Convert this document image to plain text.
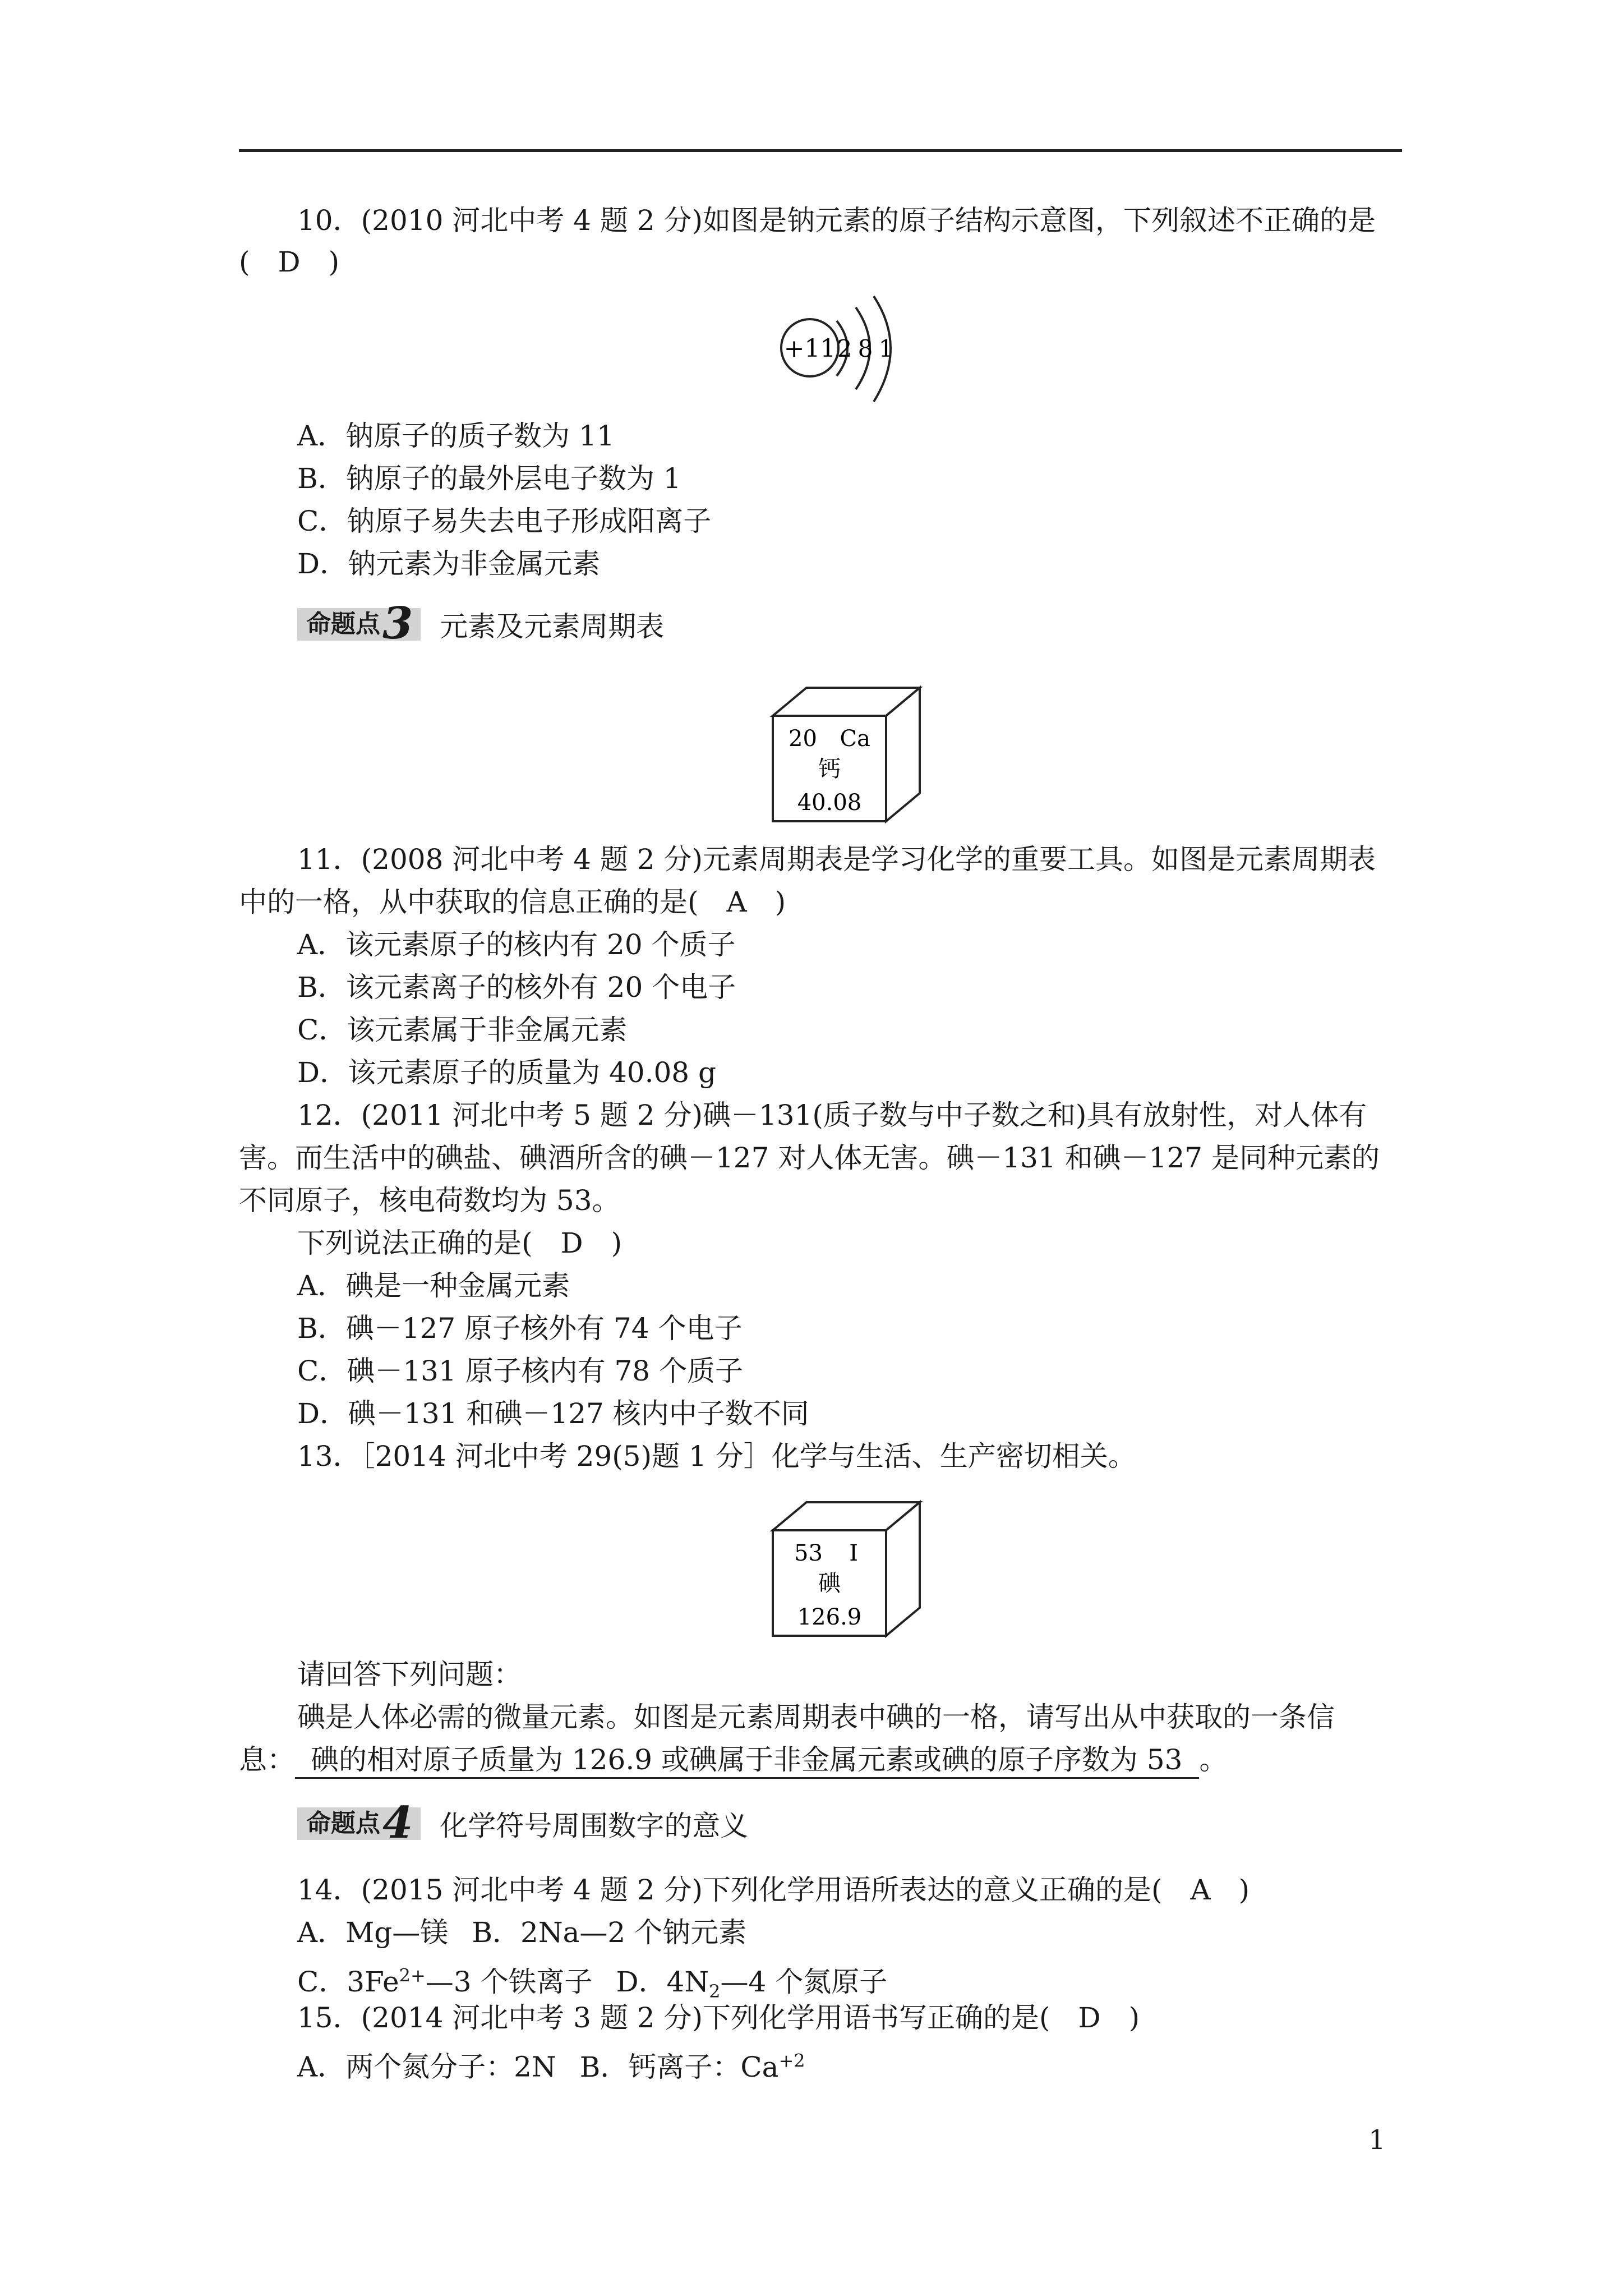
10．(2010 河北中考 4 题 2 分)如图是钠元素的原子结构示意图，下列叙述不正确的是
(　D　)
+11 2 8 1
A．钠原子的质子数为 11
B．钠原子的最外层电子数为 1
C．钠原子易失去电子形成阳离子
D．钠元素为非金属元素
命题点 3 元素及元素周期表
20 Ca
钙
40.08
11．(2008 河北中考 4 题 2 分)元素周期表是学习化学的重要工具。如图是元素周期表
中的一格，从中获取的信息正确的是(　A　)
A．该元素原子的核内有 20 个质子
B．该元素离子的核外有 20 个电子
C．该元素属于非金属元素
D．该元素原子的质量为 40.08 g
12．(2011 河北中考 5 题 2 分)碘－131(质子数与中子数之和)具有放射性，对人体有
害。而生活中的碘盐、碘酒所含的碘－127 对人体无害。碘－131 和碘－127 是同种元素的
不同原子，核电荷数均为 53。
下列说法正确的是(　D　)
A．碘是一种金属元素
B．碘－127 原子核外有 74 个电子
C．碘－131 原子核内有 78 个质子
D．碘－131 和碘－127 核内中子数不同
13．［2014 河北中考 29(5)题 1 分］化学与生活、生产密切相关。
53 I
碘
126.9
请回答下列问题：
碘是人体必需的微量元素。如图是元素周期表中碘的一格，请写出从中获取的一条信
息： 碘的相对原子质量为 126.9 或碘属于非金属元素或碘的原子序数为 53 。
命题点 4 化学符号周围数字的意义
14．(2015 河北中考 4 题 2 分)下列化学用语所表达的意义正确的是(　A　)
A．Mg—镁 B．2Na—2 个钠元素
C．$3Fe^{2+}—3$ 个铁离子 D．$4N_2—4$ 个氮原子
15．(2014 河北中考 3 题 2 分)下列化学用语书写正确的是(　D　)
A．两个氮分子：2N B．钙离子：$Ca^{+2}$
1
